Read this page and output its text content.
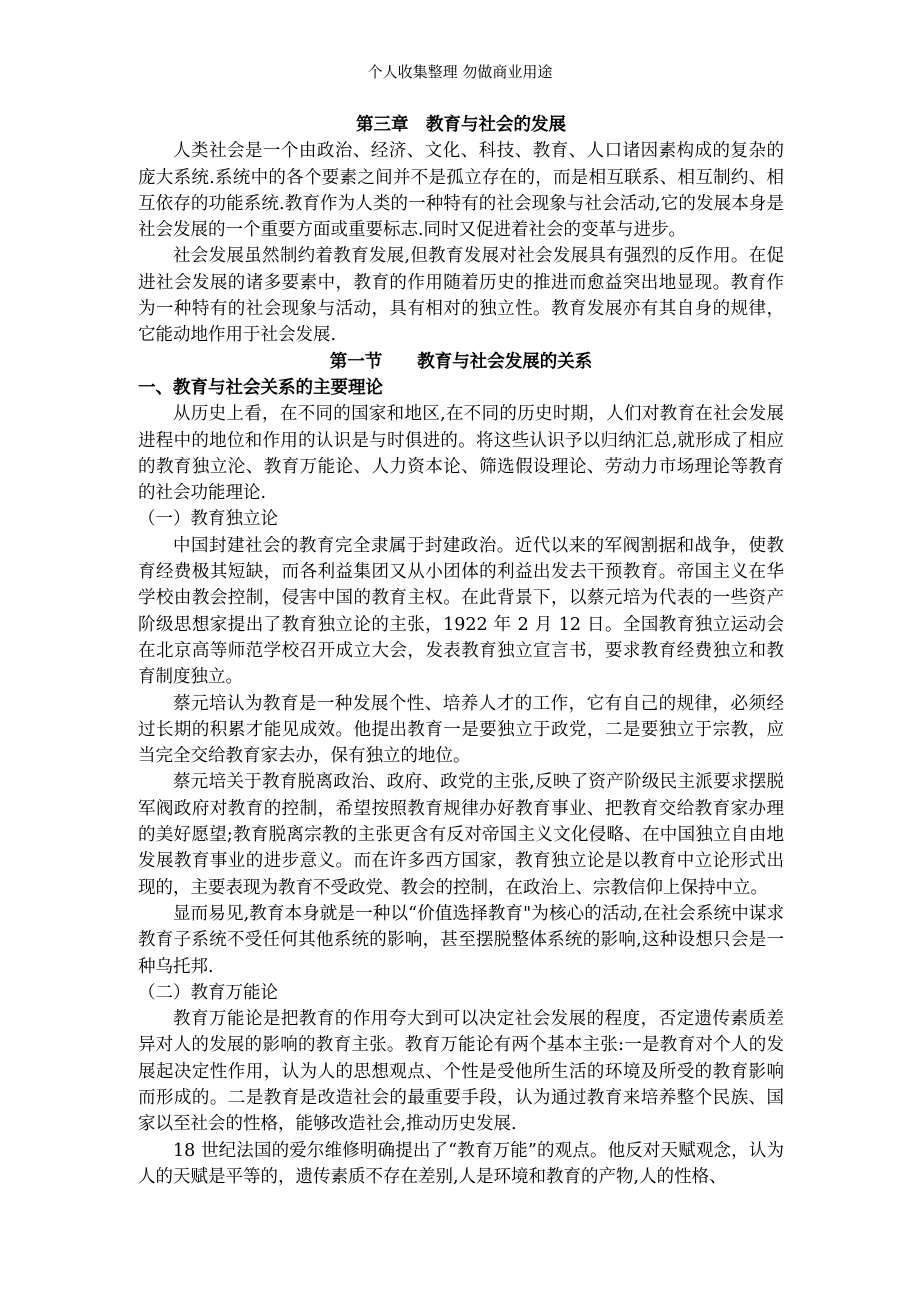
个人收集整理 勿做商业用途

第三章　教育与社会的发展

人类社会是一个由政治、经济、文化、科技、教育、人口诸因素构成的复杂的庞大系统.系统中的各个要素之间并不是孤立存在的，而是相互联系、相互制约、相互依存的功能系统.教育作为人类的一种特有的社会现象与社会活动,它的发展本身是社会发展的一个重要方面或重要标志.同时又促进着社会的变革与进步。

社会发展虽然制约着教育发展,但教育发展对社会发展具有强烈的反作用。在促进社会发展的诸多要素中，教育的作用随着历史的推进而愈益突出地显现。教育作为一种特有的社会现象与活动，具有相对的独立性。教育发展亦有其自身的规律，它能动地作用于社会发展.

第一节　　教育与社会发展的关系

一、教育与社会关系的主要理论

从历史上看，在不同的国家和地区,在不同的历史时期，人们对教育在社会发展进程中的地位和作用的认识是与时俱进的。将这些认识予以归纳汇总,就形成了相应的教育独立沦、教育万能论、人力资本论、筛选假设理论、劳动力市场理论等教育的社会功能理论.

（一）教育独立论

中国封建社会的教育完全隶属于封建政治。近代以来的军阀割据和战争，使教育经费极其短缺，而各利益集团又从小团体的利益出发去干预教育。帝国主义在华学校由教会控制，侵害中国的教育主权。在此背景下，以蔡元培为代表的一些资产阶级思想家提出了教育独立论的主张，1922 年 2 月 12 日。全国教育独立运动会在北京高等师范学校召开成立大会，发表教育独立宣言书，要求教育经费独立和教育制度独立。

蔡元培认为教育是一种发展个性、培养人才的工作，它有自己的规律，必须经过长期的积累才能见成效。他提出教育一是要独立于政党，二是要独立于宗教，应当完全交给教育家去办，保有独立的地位。

蔡元培关于教育脱离政治、政府、政党的主张,反映了资产阶级民主派要求摆脱军阀政府对教育的控制，希望按照教育规律办好教育事业、把教育交给教育家办理的美好愿望;教育脱离宗教的主张更含有反对帝国主义文化侵略、在中国独立自由地发展教育事业的进步意义。而在许多西方国家，教育独立论是以教育中立论形式出现的，主要表现为教育不受政党、教会的控制，在政治上、宗教信仰上保持中立。

显而易见,教育本身就是一种以“价值选择教育"为核心的活动,在社会系统中谋求教育子系统不受任何其他系统的影响，甚至摆脱整体系统的影响,这种设想只会是一种乌托邦.

（二）教育万能论

教育万能论是把教育的作用夸大到可以决定社会发展的程度，否定遗传素质差异对人的发展的影响的教育主张。教育万能论有两个基本主张:一是教育对个人的发展起决定性作用，认为人的思想观点、个性是受他所生活的环境及所受的教育影响而形成的。二是教育是改造社会的最重要手段，认为通过教育来培养整个民族、国家以至社会的性格，能够改造社会,推动历史发展.

18 世纪法国的爱尔维修明确提出了“教育万能”的观点。他反对天赋观念，认为人的天赋是平等的，遗传素质不存在差别,人是环境和教育的产物,人的性格、
